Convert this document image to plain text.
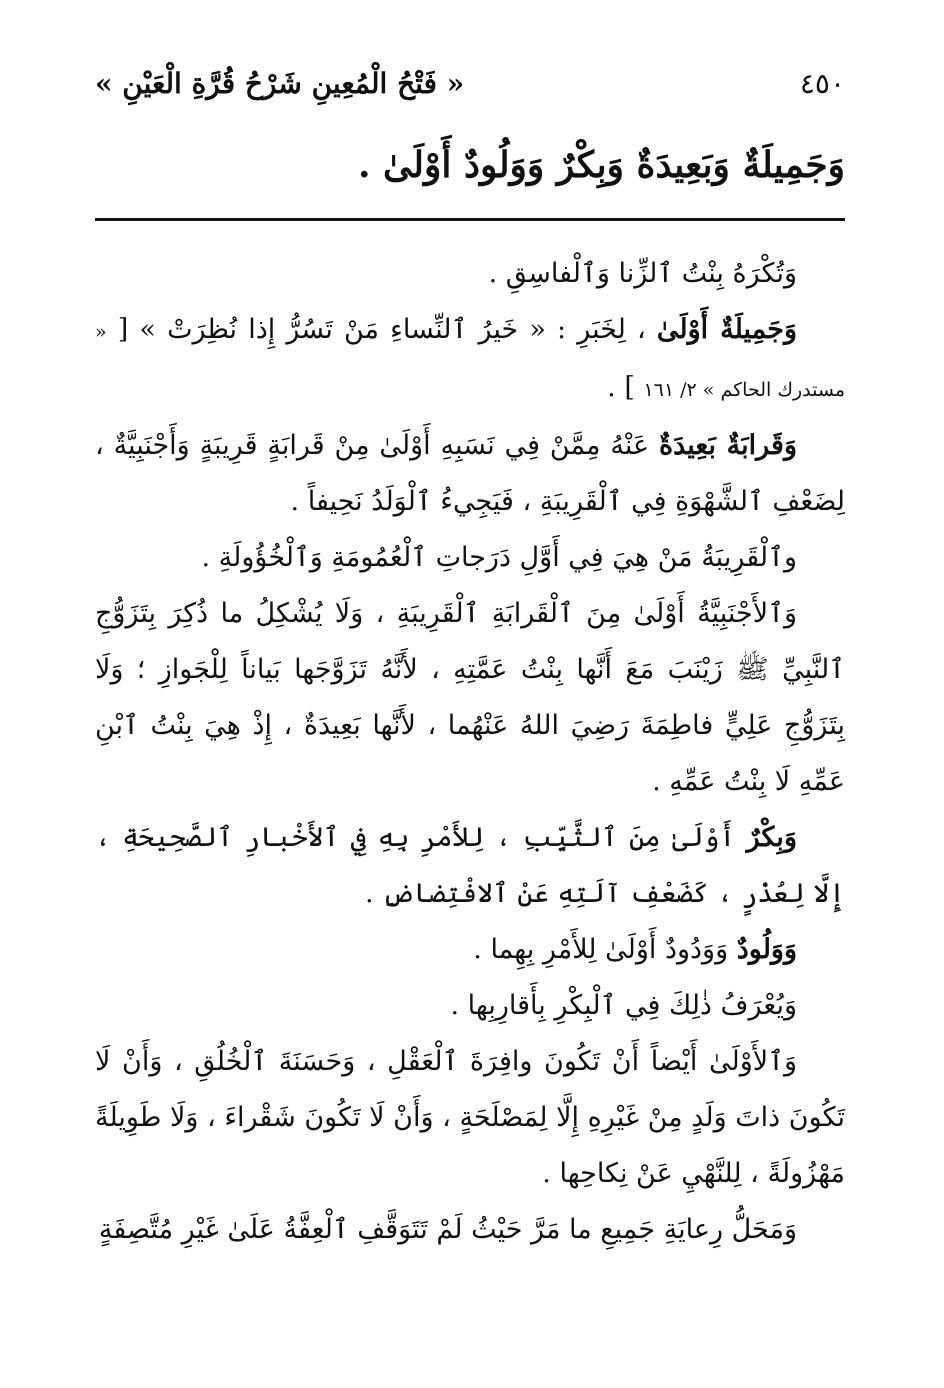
٤٥٠
« فَتْحُ الْمُعِينِ شَرْحُ قُرَّةِ الْعَيْنِ »
وَجَمِيلَةٌ وَبَعِيدَةٌ وَبِكْرٌ وَوَلُودٌ أَوْلَىٰ .

وَتُكْرَهُ بِنْتُ ٱلزِّنا وَٱلْفاسِقِ .

وَجَمِيلَةٌ أَوْلَىٰ ، لِخَبَرِ : « خَيرُ ٱلنِّساءِ مَنْ تَسُرُّ إِذا نُظِرَتْ » [ « مستدرك الحاكم » ٢/ ١٦١ ] .

وَقَرابَةٌ بَعِيدَةٌ عَنْهُ مِمَّنْ فِي نَسَبِهِ أَوْلَىٰ مِنْ قَرابَةٍ قَرِيبَةٍ وَأَجْنَبِيَّةٌ ، لِضَعْفِ ٱلشَّهْوَةِ فِي ٱلْقَرِيبَةِ ، فَيَجِيءُ ٱلْوَلَدُ نَحِيفاً .

وٱلْقَرِيبَةُ مَنْ هِيَ فِي أَوَّلِ دَرَجاتِ ٱلْعُمُومَةِ وَٱلْخُؤُولَةِ .

وَٱلأَجْنَبِيَّةُ أَوْلَىٰ مِنَ ٱلْقَرابَةِ ٱلْقَرِيبَةِ ، وَلَا يُشْكِلُ ما ذُكِرَ بِتَزَوُّجِ ٱلنَّبِيِّ ﷺ زَيْنَبَ مَعَ أَنَّها بِنْتُ عَمَّتِهِ ، لأَنَّهُ تَزَوَّجَها بَياناً لِلْجَوازِ ؛ وَلَا بِتَزَوُّجِ عَلِيٍّ فاطِمَةَ رَضِيَ اللهُ عَنْهُما ، لأَنَّها بَعِيدَةٌ ، إِذْ هِيَ بِنْتُ ٱبْنِ عَمِّهِ لَا بِنْتُ عَمِّهِ .

وَبِكْرٌ أَوْلَىٰ مِنَ ٱلثَّيِّبِ ، لِلأَمْرِ بِهِ فِي ٱلأَخْبارِ ٱلصَّحِيحَةِ ، إِلَّا لِعُذْرٍ ، كَضَعْفِ آلَتِهِ عَنْ ٱلافْتِضاضِ .

وَوَلُودٌ وَوَدُودٌ أَوْلَىٰ لِلأَمْرِ بِهِما .

وَيُعْرَفُ ذٰلِكَ فِي ٱلْبِكْرِ بِأَقارِبِها .

وَٱلأَوْلَىٰ أَيْضاً أَنْ تَكُونَ وافِرَةَ ٱلْعَقْلِ ، وَحَسَنَةَ ٱلْخُلُقِ ، وَأَنْ لَا تَكُونَ ذاتَ وَلَدٍ مِنْ غَيْرِهِ إِلَّا لِمَصْلَحَةٍ ، وَأَنْ لَا تَكُونَ شَقْراءَ ، وَلَا طَوِيلَةً مَهْزُولَةً ، لِلنَّهْيِ عَنْ نِكاحِها .

وَمَحَلُّ رِعايَةِ جَمِيعِ ما مَرَّ حَيْثُ لَمْ تَتَوَقَّفِ ٱلْعِفَّةُ عَلَىٰ غَيْرِ مُتَّصِفَةٍ
